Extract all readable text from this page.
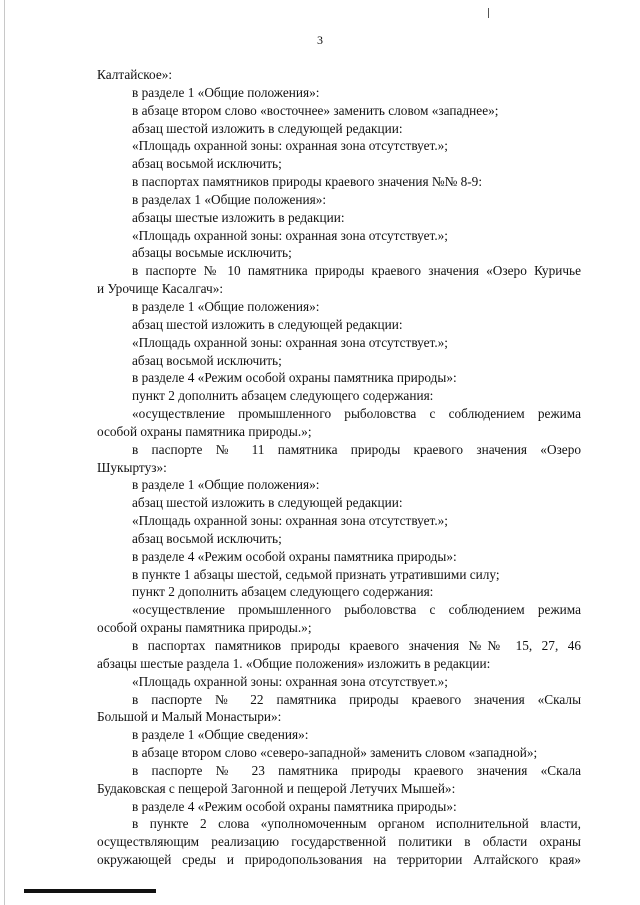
3
Калтайское»:
в разделе 1 «Общие положения»:
в абзаце втором слово «восточнее» заменить словом «западнее»;
абзац шестой изложить в следующей редакции:
«Площадь охранной зоны: охранная зона отсутствует.»;
абзац восьмой исключить;
в паспортах памятников природы краевого значения №№ 8-9:
в разделах 1 «Общие положения»:
абзацы шестые изложить в редакции:
«Площадь охранной зоны: охранная зона отсутствует.»;
абзацы восьмые исключить;
в паспорте № 10 памятника природы краевого значения «Озеро Куричье
и Урочище Касалгач»:
в разделе 1 «Общие положения»:
абзац шестой изложить в следующей редакции:
«Площадь охранной зоны: охранная зона отсутствует.»;
абзац восьмой исключить;
в разделе 4 «Режим особой охраны памятника природы»:
пункт 2 дополнить абзацем следующего содержания:
«осуществление промышленного рыболовства с соблюдением режима
особой охраны памятника природы.»;
в паспорте № 11 памятника природы краевого значения «Озеро
Шукыртуз»:
в разделе 1 «Общие положения»:
абзац шестой изложить в следующей редакции:
«Площадь охранной зоны: охранная зона отсутствует.»;
абзац восьмой исключить;
в разделе 4 «Режим особой охраны памятника природы»:
в пункте 1 абзацы шестой, седьмой признать утратившими силу;
пункт 2 дополнить абзацем следующего содержания:
«осуществление промышленного рыболовства с соблюдением режима
особой охраны памятника природы.»;
в паспортах памятников природы краевого значения №№ 15, 27, 46
абзацы шестые раздела 1. «Общие положения» изложить в редакции:
«Площадь охранной зоны: охранная зона отсутствует.»;
в паспорте № 22 памятника природы краевого значения «Скалы
Большой и Малый Монастыри»:
в разделе 1 «Общие сведения»:
в абзаце втором слово «северо-западной» заменить словом «западной»;
в паспорте № 23 памятника природы краевого значения «Скала
Будаковская с пещерой Загонной и пещерой Летучих Мышей»:
в разделе 4 «Режим особой охраны памятника природы»:
в пункте 2 слова «уполномоченным органом исполнительной власти,
осуществляющим реализацию государственной политики в области охраны
окружающей среды и природопользования на территории Алтайского края»
